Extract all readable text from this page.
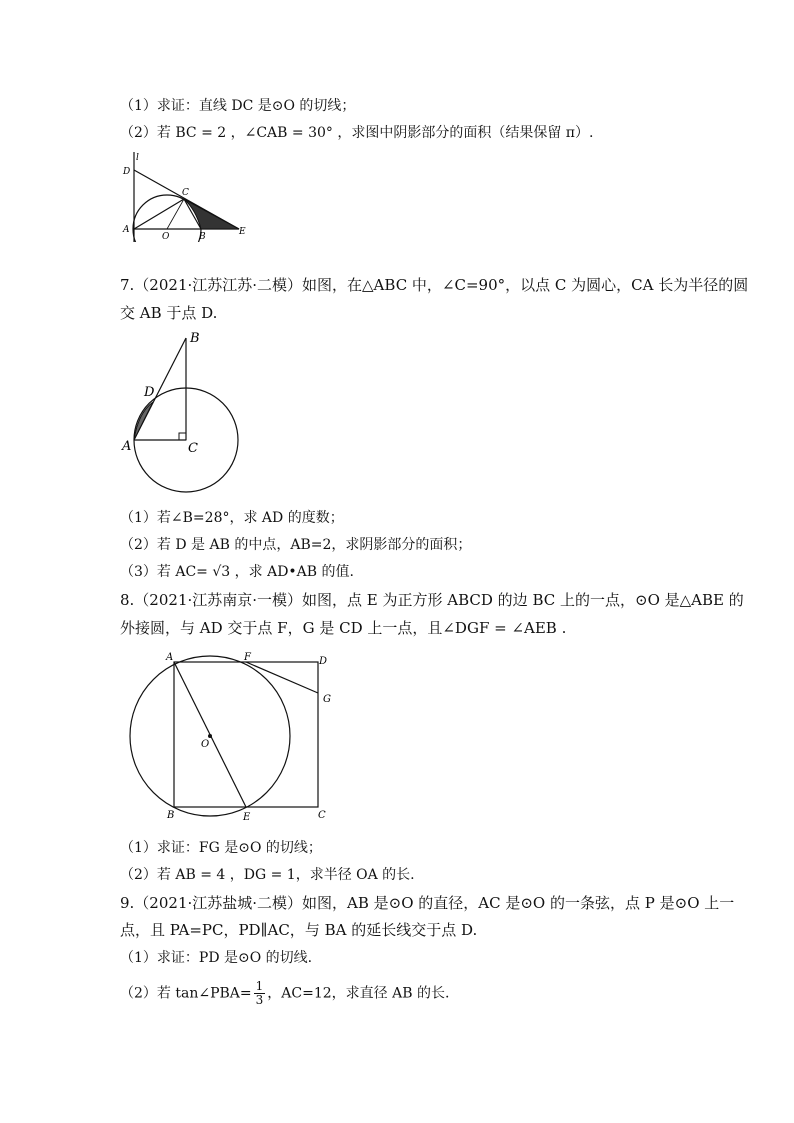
（1）求证：直线 DC 是⊙O 的切线；
（2）若 BC = 2 ，∠CAB = 30° ，求图中阴影部分的面积（结果保留 π）.
l
D
C
A
O	B	E
7.（2021·江苏江苏·二模）如图，在△ABC 中，∠C=90°，以点 C 为圆心，CA 长为半径的圆
交 AB 于点 D.
B
D
A	C
（1）若∠B=28°，求 AD 的度数；
（2）若 D 是 AB 的中点，AB=2，求阴影部分的面积；
（3）若 AC= √3 ，求 AD•AB 的值.
8.（2021·江苏南京·一模）如图，点 E 为正方形 ABCD 的边 BC 上的一点，⊙O 是△ABE 的
外接圆，与 AD 交于点 F，G 是 CD 上一点，且∠DGF = ∠AEB .
A	F	D
G
O
B	E	C
（1）求证：FG 是⊙O 的切线；
（2）若 AB = 4 ，DG = 1，求半径 OA 的长.
9.（2021·江苏盐城·二模）如图，AB 是⊙O 的直径，AC 是⊙O 的一条弦，点 P 是⊙O 上一
点，且 PA=PC，PD∥AC，与 BA 的延长线交于点 D.
（1）求证：PD 是⊙O 的切线.
（2）若 tan∠PBA= $\frac{1}{3}$ ，AC=12，求直径 AB 的长.
